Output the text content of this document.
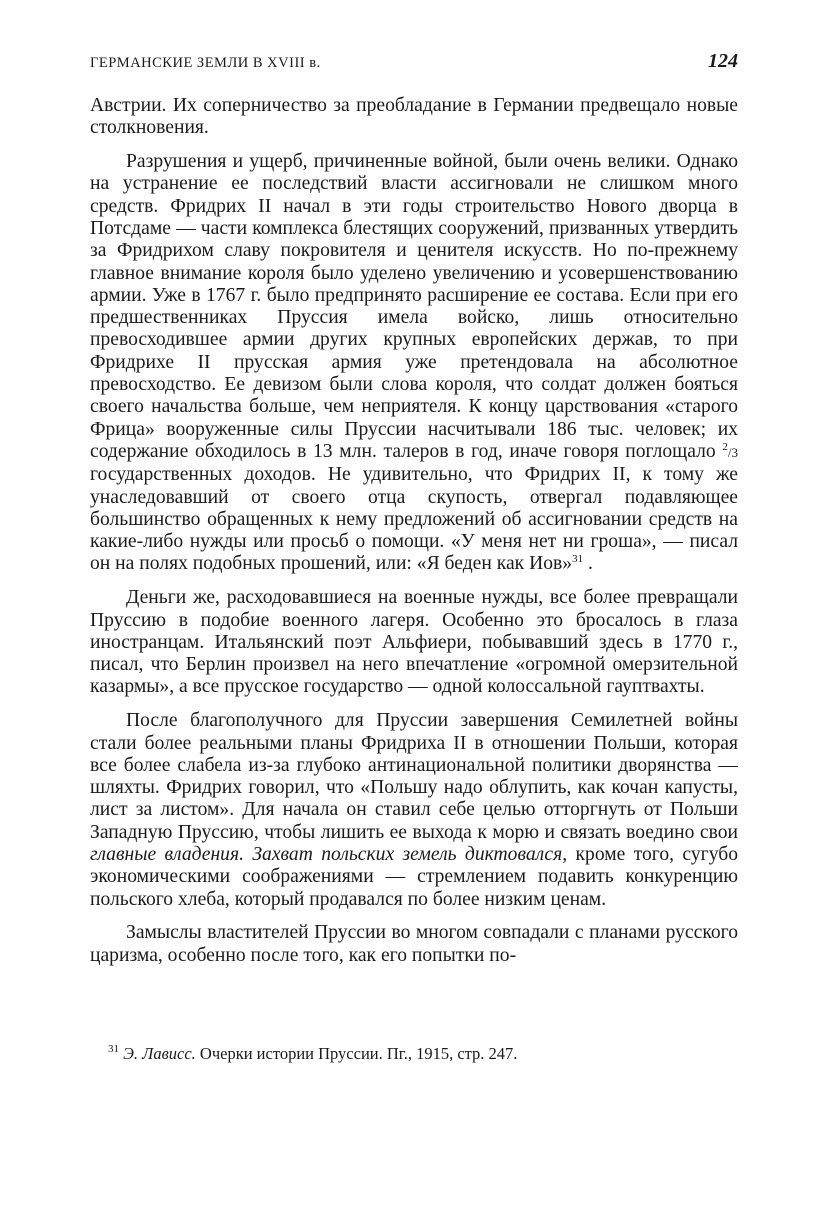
ГЕРМАНСКИЕ ЗЕМЛИ В XVIII в.	124

Австрии. Их соперничество за преобладание в Германии предвещало новые столкновения.

Разрушения и ущерб, причиненные войной, были очень велики. Однако на устранение ее последствий власти ассигновали не слишком много средств. Фридрих II начал в эти годы строительство Нового дворца в Потсдаме — части комплекса блестящих сооружений, призванных утвердить за Фридрихом славу покровителя и ценителя искусств. Но по-прежнему главное внимание короля было уделено увеличению и усовершенствованию армии. Уже в 1767 г. было предпринято расширение ее состава. Если при его предшественниках Пруссия имела войско, лишь относительно превосходившее армии других крупных европейских держав, то при Фридрихе II прусская армия уже претендовала на абсолютное превосходство. Ее девизом были слова короля, что солдат должен бояться своего начальства больше, чем неприятеля. К концу царствования «старого Фрица» вооруженные силы Пруссии насчитывали 186 тыс. человек; их содержание обходилось в 13 млн. талеров в год, иначе говоря поглощало $^2$/3 государственных доходов. Не удивительно, что Фридрих II, к тому же унаследовавший от своего отца скупость, отвергал подавляющее большинство обращенных к нему предложений об ассигновании средств на какие-либо нужды или просьб о помощи. «У меня нет ни гроша», — писал он на полях подобных прошений, или: «Я беден как Иов»$^{31}$ .

Деньги же, расходовавшиеся на военные нужды, все более превращали Пруссию в подобие военного лагеря. Особенно это бросалось в глаза иностранцам. Итальянский поэт Альфиери, побывавший здесь в 1770 г., писал, что Берлин произвел на него впечатление «огромной омерзительной казармы», а все прусское государство — одной колоссальной гауптвахты.

После благополучного для Пруссии завершения Семилетней войны стали более реальными планы Фридриха II в отношении Польши, которая все более слабела из-за глубоко антинациональной политики дворянства — шляхты. Фридрих говорил, что «Польшу надо облупить, как кочан капусты, лист за листом». Для начала он ставил себе целью отторгнуть от Польши Западную Пруссию, чтобы лишить ее выхода к морю и связать воедино свои главные владения. Захват польских земель диктовался, кроме того, сугубо экономическими соображениями — стремлением подавить конкуренцию польского хлеба, который продавался по более низким ценам.

Замыслы властителей Пруссии во многом совпадали с планами русского царизма, особенно после того, как его попытки по-

$^{31}$ Э. Лависс. Очерки истории Пруссии. Пг., 1915, стр. 247.
